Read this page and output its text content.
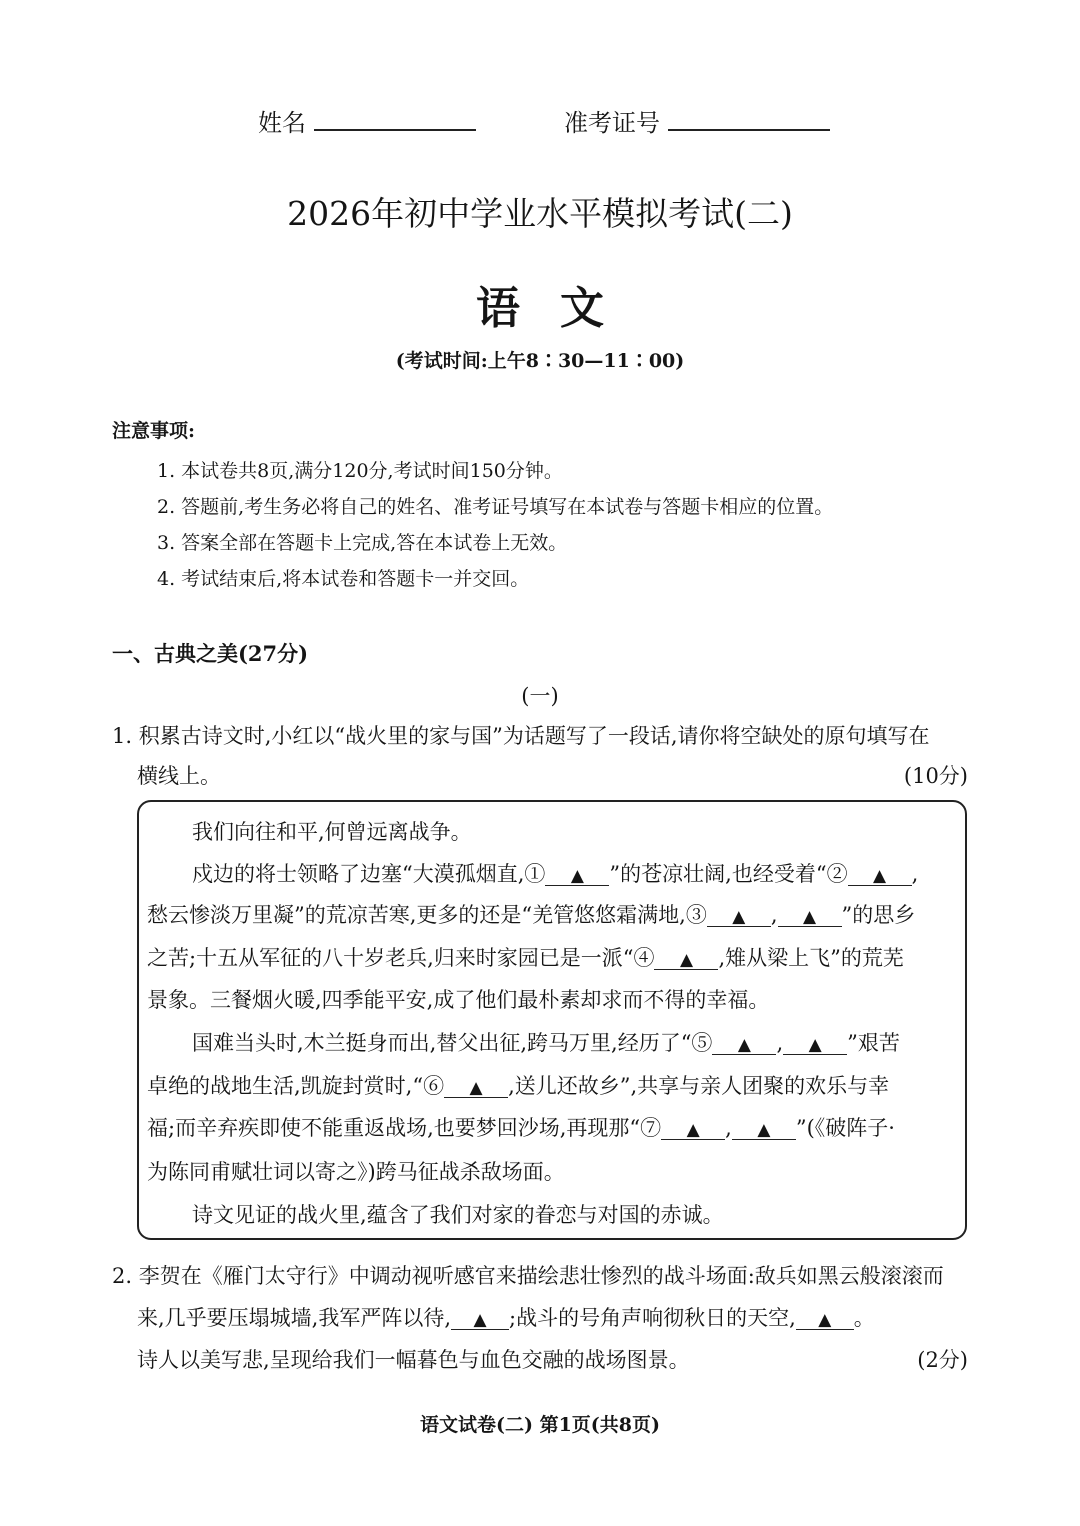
姓名	准考证号
2026年初中学业水平模拟考试(二)
语文
(考试时间:上午8∶30—11∶00)
注意事项:
1. 本试卷共8页,满分120分,考试时间150分钟。
2. 答题前,考生务必将自己的姓名、准考证号填写在本试卷与答题卡相应的位置。
3. 答案全部在答题卡上完成,答在本试卷上无效。
4. 考试结束后,将本试卷和答题卡一并交回。
一、古典之美(27分)
(一)
1. 积累古诗文时,小红以“战火里的家与国”为话题写了一段话,请你将空缺处的原句填写在
横线上。	(10分)
我们向往和平,何曾远离战争。
戍边的将士领略了边塞“大漠孤烟直,① ▲ ”的苍凉壮阔,也经受着“② ▲ ,
愁云惨淡万里凝”的荒凉苦寒,更多的还是“羌管悠悠霜满地,③ ▲ , ▲ ”的思乡
之苦;十五从军征的八十岁老兵,归来时家园已是一派“④ ▲ ,雉从梁上飞”的荒芜
景象。三餐烟火暖,四季能平安,成了他们最朴素却求而不得的幸福。
国难当头时,木兰挺身而出,替父出征,跨马万里,经历了“⑤ ▲ , ▲ ”艰苦
卓绝的战地生活,凯旋封赏时,“⑥ ▲ ,送儿还故乡”,共享与亲人团聚的欢乐与幸
福;而辛弃疾即使不能重返战场,也要梦回沙场,再现那“⑦ ▲ , ▲ ”(《破阵子·
为陈同甫赋壮词以寄之》)跨马征战杀敌场面。
诗文见证的战火里,蕴含了我们对家的眷恋与对国的赤诚。
2. 李贺在《雁门太守行》中调动视听感官来描绘悲壮惨烈的战斗场面:敌兵如黑云般滚滚而
来,几乎要压塌城墙,我军严阵以待, ▲ ;战斗的号角声响彻秋日的天空, ▲ 。
诗人以美写悲,呈现给我们一幅暮色与血色交融的战场图景。	(2分)
语文试卷(二) 第1页(共8页)
